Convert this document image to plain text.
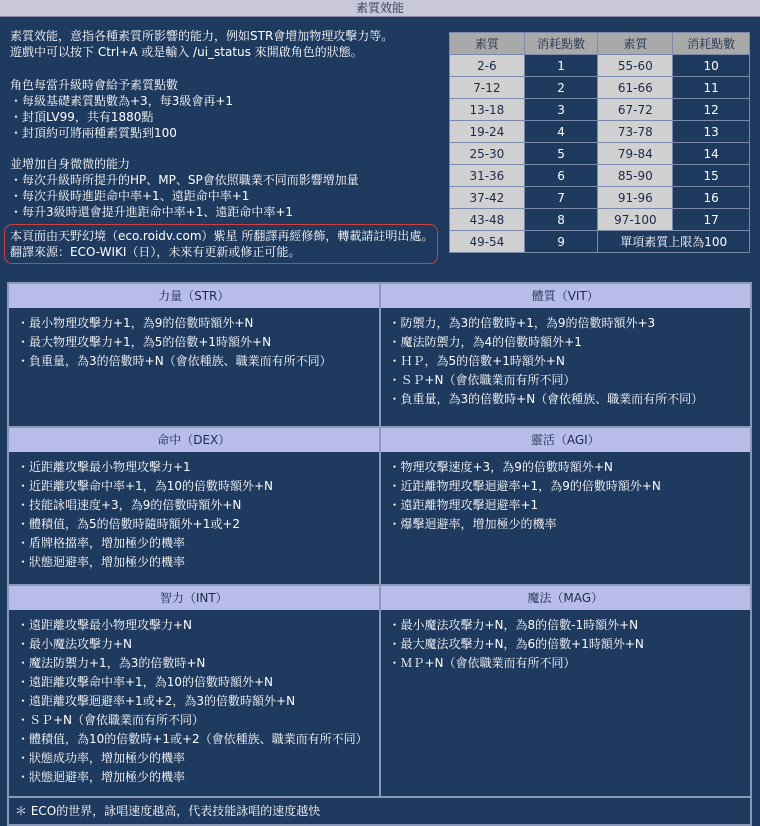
素質效能

素質效能，意指各種素質所影響的能力，例如STR會增加物理攻擊力等。

遊戲中可以按下 Ctrl+A 或是輸入 /ui_status 來開啟角色的狀態。

角色每當升級時會給予素質點數

・每級基礎素質點數為+3，每3級會再+1

・封頂LV99，共有1880點

・封頂約可將兩種素質點到100

並增加自身微微的能力

・每次升級時所提升的HP、MP、SP會依照職業不同而影響增加量

・每次升級時進距命中率+1、遠距命中率+1

・每升3級時還會提升進距命中率+1、遠距命中率+1

本頁面由天野幻境（eco.roidv.com）紫星 所翻譯再經修飾，轉載請註明出處。

翻譯來源：ECO-WIKI（日），未來有更新或修正可能。

素質	消耗點數	素質	消耗點數
2-6	1	55-60	10
7-12	2	61-66	11
13-18	3	67-72	12
19-24	4	73-78	13
25-30	5	79-84	14
31-36	6	85-90	15
37-42	7	91-96	16
43-48	8	97-100	17
49-54	9	單項素質上限為100	
力量（STR）

・最小物理攻擊力+1，為9的倍數時額外+N

・最大物理攻擊力+1，為5的倍數+1時額外+N

・負重量，為3的倍數時+N（會依種族、職業而有所不同）

體質（VIT）

・防禦力，為3的倍數時+1，為9的倍數時額外+3

・魔法防禦力，為4的倍數時額外+1

・ＨＰ，為5的倍數+1時額外+N

・ＳＰ+N（會依職業而有所不同）

・負重量，為3的倍數時+N（會依種族、職業而有所不同）

命中（DEX）

・近距離攻擊最小物理攻擊力+1

・近距離攻擊命中率+1，為10的倍數時額外+N

・技能詠唱速度+3，為9的倍數時額外+N

・體積值，為5的倍數時隨時額外+1或+2

・盾牌格擋率，增加極少的機率

・狀態迴避率，增加極少的機率

靈活（AGI）

・物理攻擊速度+3，為9的倍數時額外+N

・近距離物理攻擊迴避率+1，為9的倍數時額外+N

・遠距離物理攻擊迴避率+1

・爆擊迴避率，增加極少的機率

智力（INT）

・遠距離攻擊最小物理攻擊力+N

・最小魔法攻擊力+N

・魔法防禦力+1，為3的倍數時+N

・遠距離攻擊命中率+1，為10的倍數時額外+N

・遠距離攻擊迴避率+1或+2，為3的倍數時額外+N

・ＳＰ+N（會依職業而有所不同）

・體積值，為10的倍數時+1或+2（會依種族、職業而有所不同）

・狀態成功率，增加極少的機率

・狀態迴避率，增加極少的機率

魔法（MAG）

・最小魔法攻擊力+N，為8的倍數-1時額外+N

・最大魔法攻擊力+N，為6的倍數+1時額外+N

・ＭＰ+N（會依職業而有所不同）

＊ ECO的世界，詠唱速度越高，代表技能詠唱的速度越快
